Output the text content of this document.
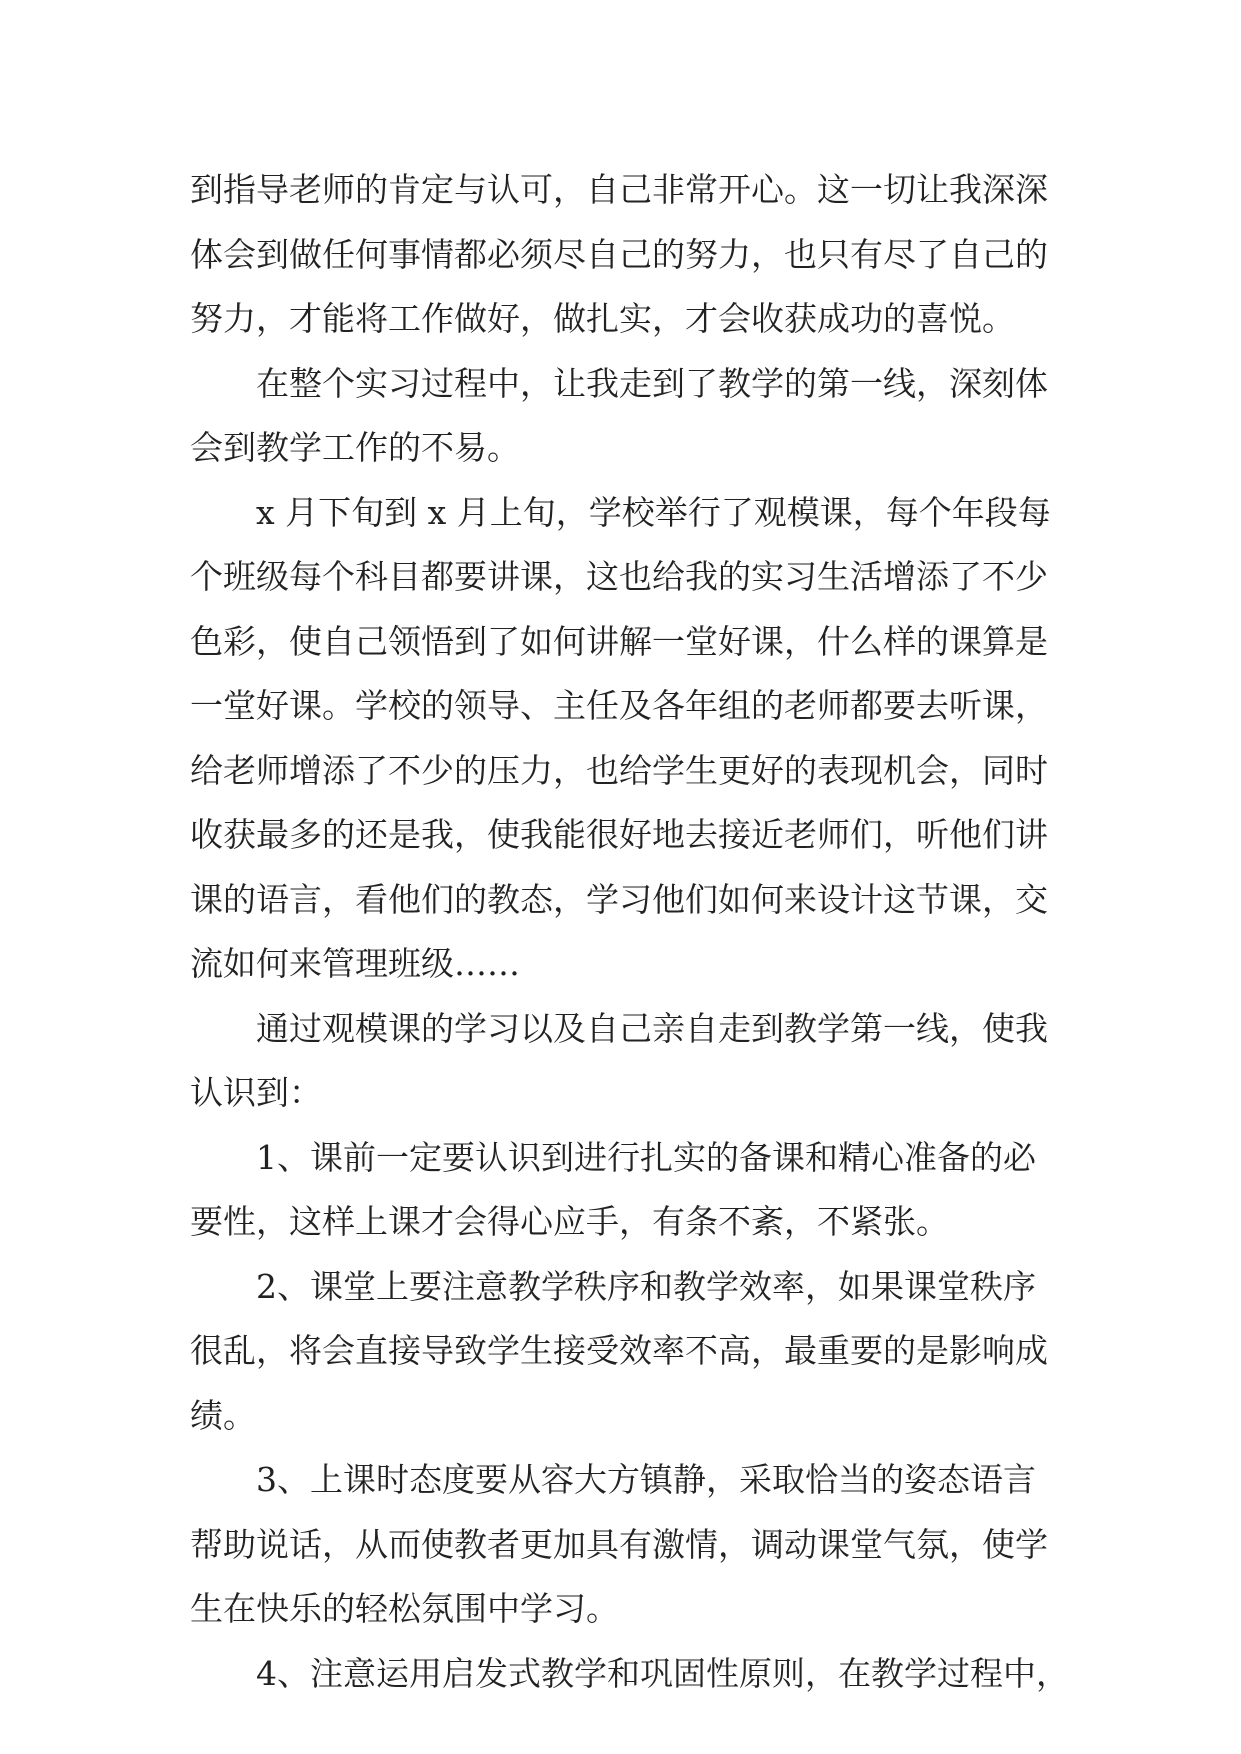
到指导老师的肯定与认可，自己非常开心。这一切让我深深
体会到做任何事情都必须尽自己的努力，也只有尽了自己的
努力，才能将工作做好，做扎实，才会收获成功的喜悦。
在整个实习过程中，让我走到了教学的第一线，深刻体
会到教学工作的不易。
x 月下旬到 x 月上旬，学校举行了观模课，每个年段每
个班级每个科目都要讲课，这也给我的实习生活增添了不少
色彩，使自己领悟到了如何讲解一堂好课，什么样的课算是
一堂好课。学校的领导、主任及各年组的老师都要去听课，
给老师增添了不少的压力，也给学生更好的表现机会，同时
收获最多的还是我，使我能很好地去接近老师们，听他们讲
课的语言，看他们的教态，学习他们如何来设计这节课，交
流如何来管理班级……
通过观模课的学习以及自己亲自走到教学第一线，使我
认识到：
1、课前一定要认识到进行扎实的备课和精心准备的必
要性，这样上课才会得心应手，有条不紊，不紧张。
2、课堂上要注意教学秩序和教学效率，如果课堂秩序
很乱，将会直接导致学生接受效率不高，最重要的是影响成
绩。
3、上课时态度要从容大方镇静，采取恰当的姿态语言
帮助说话，从而使教者更加具有激情，调动课堂气氛，使学
生在快乐的轻松氛围中学习。
4、注意运用启发式教学和巩固性原则，在教学过程中，
